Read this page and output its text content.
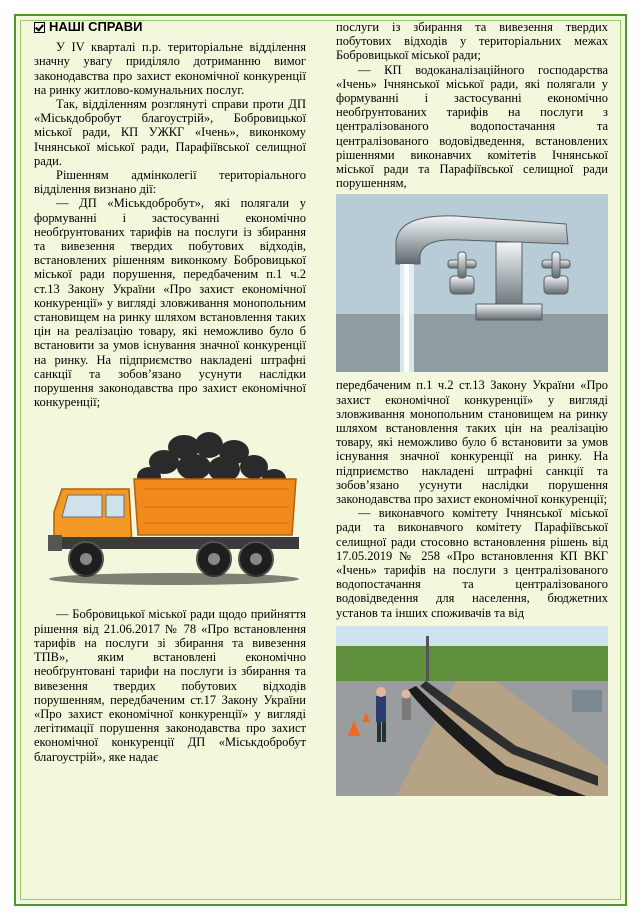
НАШІ СПРАВИ

У IV кварталі п.р. територіальне відділення значну увагу приділяло дотриманню вимог законодавства про захист економічної конкуренції на ринку житлово-комунальних послуг.

Так, відділенням розглянуті справи проти ДП «Міськдобробут благоустрій», Бобровицької міської ради, КП УЖКГ «Ічень», виконкому Ічнянської міської ради, Парафіївської селищної ради.

Рішенням адмінколегії територіального відділення визнано дії:

— ДП «Міськдобробут», які полягали у формуванні і застосуванні економічно необґрунтованих тарифів на послуги із збирання та вивезення твердих побутових відходів, встановлених рішенням виконкому Бобровицької міської ради порушення, передбаченим п.1 ч.2 ст.13 Закону України «Про захист економічної конкуренції» у вигляді зловживання монопольним становищем на ринку шляхом встановлення таких цін на реалізацію товару, які неможливо було б встановити за умов існування значної конкуренції на ринку. На підприємство накладені штрафні санкції та зобов’язано усунути наслідки порушення законодавства про захист економічної конкуренції;

— Бобровицької міської ради щодо прийняття рішення від 21.06.2017 № 78 «Про встановлення тарифів на послуги зі збирання та вивезення ТПВ», яким встановлені економічно необґрунтовані тарифи на послуги із збирання та вивезення твердих побутових відходів порушенням, передбаченим ст.17 Закону України «Про захист економічної конкуренції» у вигляді легітимації порушення законодавства про захист економічної конкуренції ДП «Міськдобробут благоустрій», яке надає

послуги із збирання та вивезення твердих побутових відходів у територіальних межах Бобровицької міської ради;

— КП водоканалізаційного господарства «Ічень» Ічнянської міської ради, які полягали у формуванні і застосуванні економічно необґрунтованих тарифів на послуги з централізованого водопостачання та централізованого водовідведення, встановлених рішеннями виконавчих комітетів Ічнянської міської ради та Парафіївської селищної ради порушенням,

передбаченим п.1 ч.2 ст.13 Закону України «Про захист економічної конкуренції» у вигляді зловживання монопольним становищем на ринку шляхом встановлення таких цін на реалізацію товару, які неможливо було б встановити за умов існування значної конкуренції на ринку. На підприємство накладені штрафні санкції та зобов’язано усунути наслідки порушення законодавства про захист економічної конкуренції;

— виконавчого комітету Ічнянської міської ради та виконавчого комітету Парафіївської селищної ради стосовно встановлення рішень від 17.05.2019 № 258 «Про встановлення КП ВКГ «Ічень» тарифів на послуги з централізованого водопостачання та централізованого водовідведення для населення, бюджетних установ та інших споживачів та від
